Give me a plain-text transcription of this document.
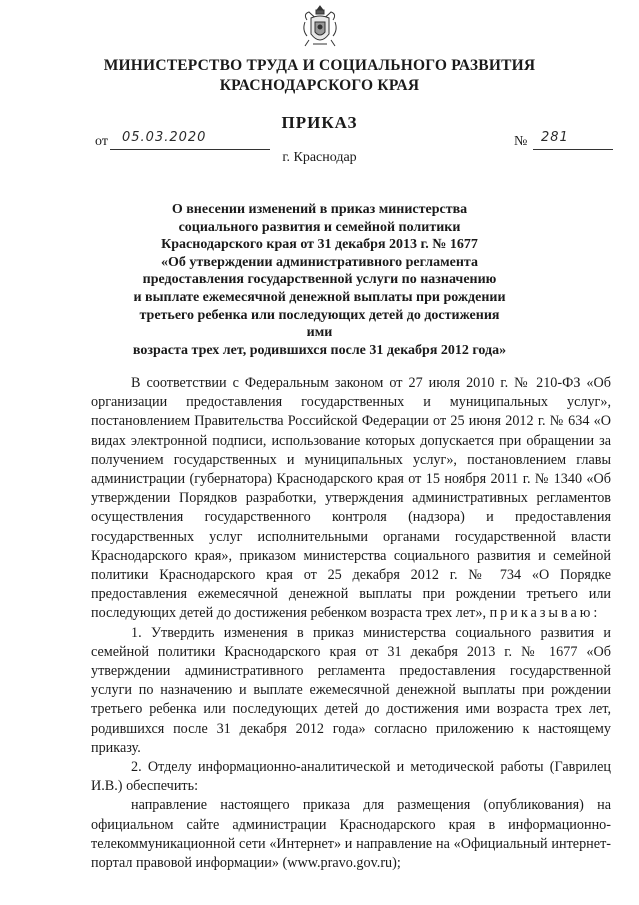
МИНИСТЕРСТВО ТРУДА И СОЦИАЛЬНОГО РАЗВИТИЯ
КРАСНОДАРСКОГО КРАЯ
ПРИКАЗ
от 05.03.2020	№ 281
г. Краснодар
О внесении изменений в приказ министерства
социального развития и семейной политики
Краснодарского края от 31 декабря 2013 г. № 1677
«Об утверждении административного регламента
предоставления государственной услуги по назначению
и выплате ежемесячной денежной выплаты при рождении
третьего ребенка или последующих детей до достижения ими
возраста трех лет, родившихся после 31 декабря 2012 года»

В соответствии с Федеральным законом от 27 июля 2010 г. № 210-ФЗ «Об организации предоставления государственных и муниципальных услуг», постановлением Правительства Российской Федерации от 25 июня 2012 г. № 634 «О видах электронной подписи, использование которых допускается при обращении за получением государственных и муниципальных услуг», постановлением главы администрации (губернатора) Краснодарского края от 15 ноября 2011 г. № 1340 «Об утверждении Порядков разработки, утверждения административных регламентов осуществления государственного контроля (надзора) и предоставления государственных услуг исполнительными органами государственной власти Краснодарского края», приказом министерства социального развития и семейной политики Краснодарского края от 25 декабря 2012 г. № 734 «О Порядке предоставления ежемесячной денежной выплаты при рождении третьего или последующих детей до достижения ребенком возраста трех лет», приказываю:

1. Утвердить изменения в приказ министерства социального развития и семейной политики Краснодарского края от 31 декабря 2013 г. № 1677 «Об утверждении административного регламента предоставления государственной услуги по назначению и выплате ежемесячной денежной выплаты при рождении третьего ребенка или последующих детей до достижения ими возраста трех лет, родившихся после 31 декабря 2012 года» согласно приложению к настоящему приказу.

2. Отделу информационно-аналитической и методической работы (Гаврилец И.В.) обеспечить:

направление настоящего приказа для размещения (опубликования) на официальном сайте администрации Краснодарского края в информационно-телекоммуникационной сети «Интернет» и направление на «Официальный интернет-портал правовой информации» (www.pravo.gov.ru);
